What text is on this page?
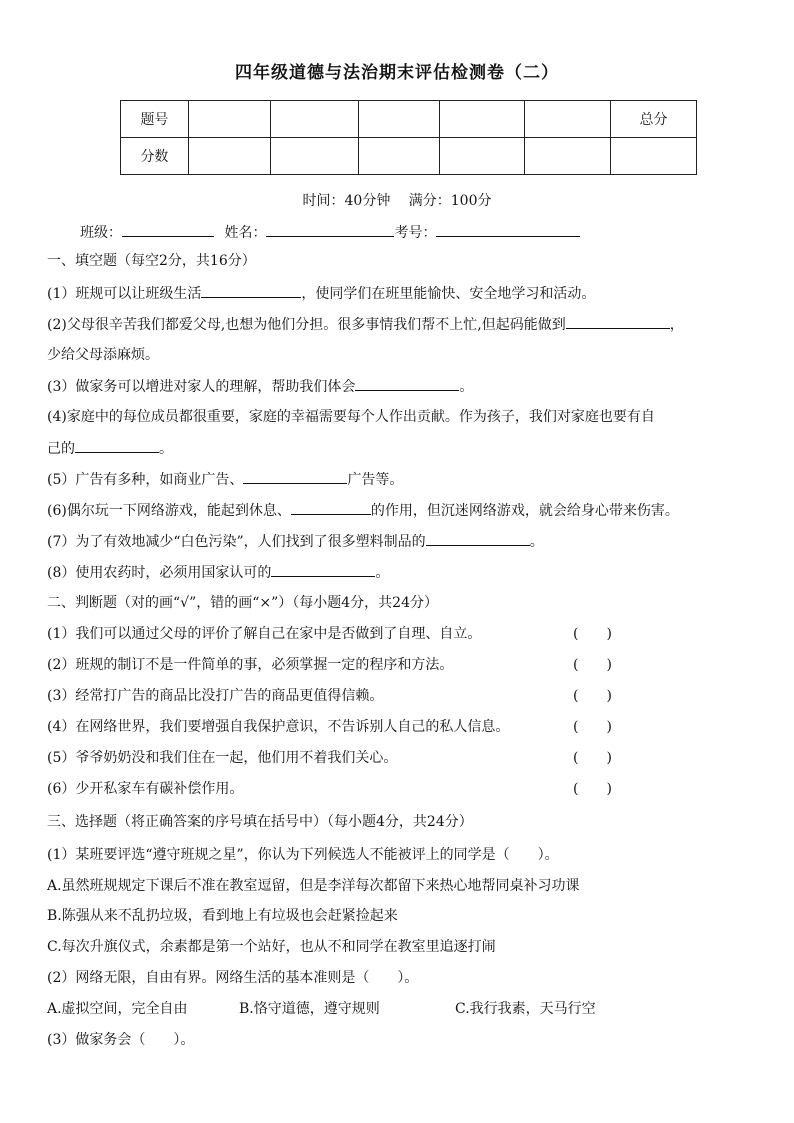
四年级道德与法治期末评估检测卷（二）
题号						总分
分数						
时间：40分钟　 满分：100分
班级：	姓名：	考号：
一、填空题（每空2分，共16分）
(1）班规可以让班级生活	，使同学们在班里能愉快、安全地学习和活动。
(2)父母很辛苦我们都爱父母,也想为他们分担。很多事情我们帮不上忙,但起码能做到	，
少给父母添麻烦。
(3）做家务可以增进对家人的理解，帮助我们体会	。
(4)家庭中的每位成员都很重要，家庭的幸福需要每个人作出贡献。作为孩子，我们对家庭也要有自
己的	。
(5）广告有多种，如商业广告、	广告等。
(6)偶尔玩一下网络游戏，能起到休息、	的作用，但沉迷网络游戏，就会给身心带来伤害。
(7）为了有效地减少“白色污染”，人们找到了很多塑料制品的	。
(8）使用农药时，必须用国家认可的	。
二、判断题（对的画“√”，错的画“×”）（每小题4分，共24分）
(1）我们可以通过父母的评价了解自己在家中是否做到了自理、自立。	(　　)
(2）班规的制订不是一件简单的事，必须掌握一定的程序和方法。	(　　)
(3）经常打广告的商品比没打广告的商品更值得信赖。	(　　)
(4）在网络世界，我们要增强自我保护意识，不告诉别人自己的私人信息。	(　　)
(5）爷爷奶奶没和我们住在一起，他们用不着我们关心。	(　　)
(6）少开私家车有碳补偿作用。	(　　)
三、选择题（将正确答案的序号填在括号中）（每小题4分，共24分）
(1）某班要评选“遵守班规之星”，你认为下列候选人不能被评上的同学是（　　）。
A.虽然班规规定下课后不准在教室逗留，但是李洋每次都留下来热心地帮同桌补习功课
B.陈强从来不乱扔垃圾，看到地上有垃圾也会赶紧捡起来
C.每次升旗仪式，余素都是第一个站好，也从不和同学在教室里追逐打闹
(2）网络无限，自由有界。网络生活的基本准则是（　　）。
A.虚拟空间，完全自由	B.恪守道德，遵守规则	C.我行我素，天马行空
(3）做家务会（　　）。
